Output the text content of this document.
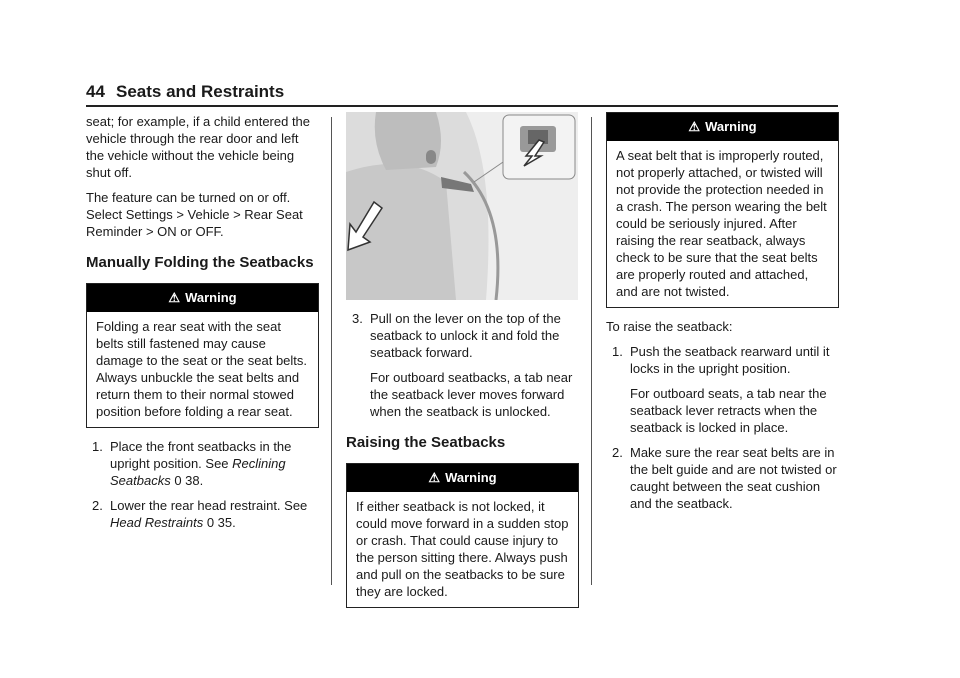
44 Seats and Restraints

seat; for example, if a child entered the vehicle through the rear door and left the vehicle without the vehicle being shut off.

The feature can be turned on or off. Select Settings > Vehicle > Rear Seat Reminder > ON or OFF.

Manually Folding the Seatbacks
⚠ Warning
Folding a rear seat with the seat belts still fastened may cause damage to the seat or the seat belts. Always unbuckle the seat belts and return them to their normal stowed position before folding a rear seat.
1. Place the front seatbacks in the upright position. See Reclining Seatbacks 0 38.
2. Lower the rear head restraint. See Head Restraints 0 35.
3. Pull on the lever on the top of the seatback to unlock it and fold the seatback forward.

For outboard seatbacks, a tab near the seatback lever moves forward when the seatback is unlocked.

Raising the Seatbacks
⚠ Warning
If either seatback is not locked, it could move forward in a sudden stop or crash. That could cause injury to the person sitting there. Always push and pull on the seatbacks to be sure they are locked.
⚠ Warning
A seat belt that is improperly routed, not properly attached, or twisted will not provide the protection needed in a crash. The person wearing the belt could be seriously injured. After raising the rear seatback, always check to be sure that the seat belts are properly routed and attached, and are not twisted.

To raise the seatback:

1. Push the seatback rearward until it locks in the upright position.

For outboard seats, a tab near the seatback lever retracts when the seatback is locked in place.

2. Make sure the rear seat belts are in the belt guide and are not twisted or caught between the seat cushion and the seatback.
